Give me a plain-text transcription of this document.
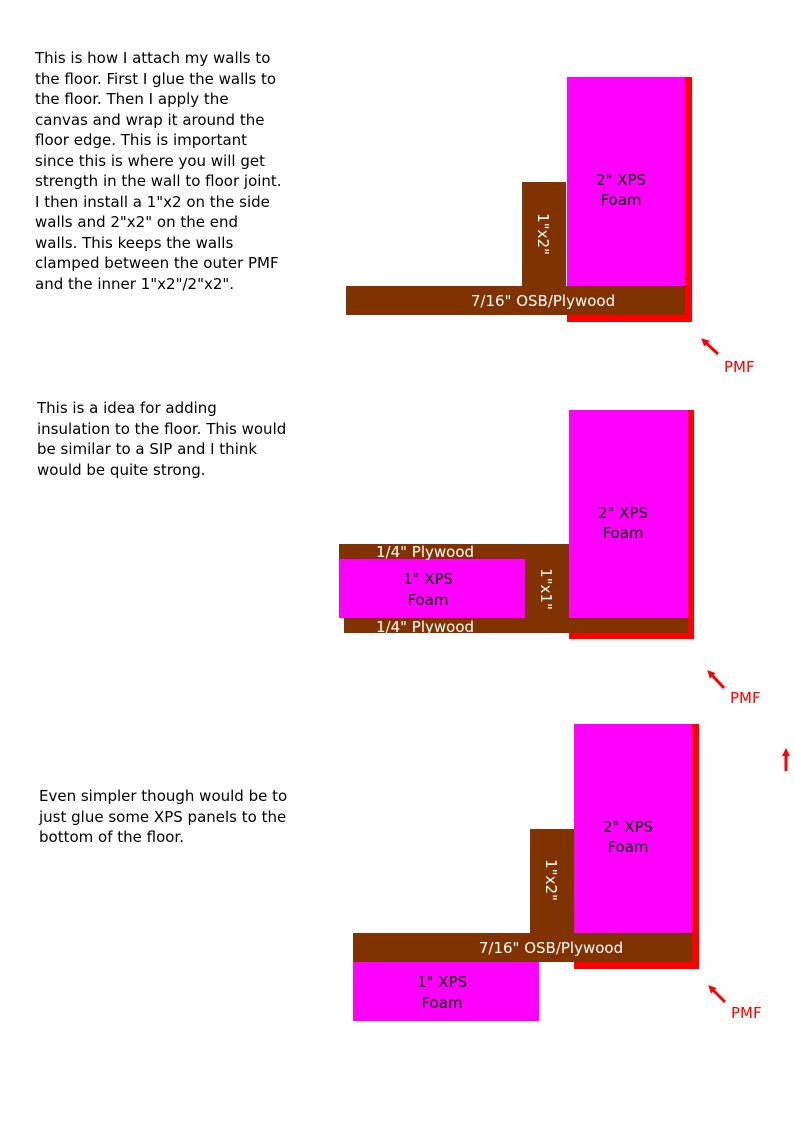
This is how I attach my walls to
the floor. First I glue the walls to
the floor. Then I apply the
canvas and wrap it around the
floor edge. This is important
since this is where you will get
strength in the wall to floor joint.
I then install a 1"x2 on the side
walls and 2"x2" on the end
walls. This keeps the walls
clamped between the outer PMF
and the inner 1"x2"/2"x2".

This is a idea for adding
insulation to the floor. This would
be similar to a SIP and I think
would be quite strong.

Even simpler though would be to
just glue some XPS panels to the
bottom of the floor.

2" XPS
Foam
1"x2"
7/16" OSB/Plywood
PMF
2" XPS
Foam
1/4" Plywood
1" XPS
Foam	1"x1"
1/4" Plywood
PMF
2" XPS
Foam
1"x2"
7/16" OSB/Plywood
1" XPS
Foam
PMF
